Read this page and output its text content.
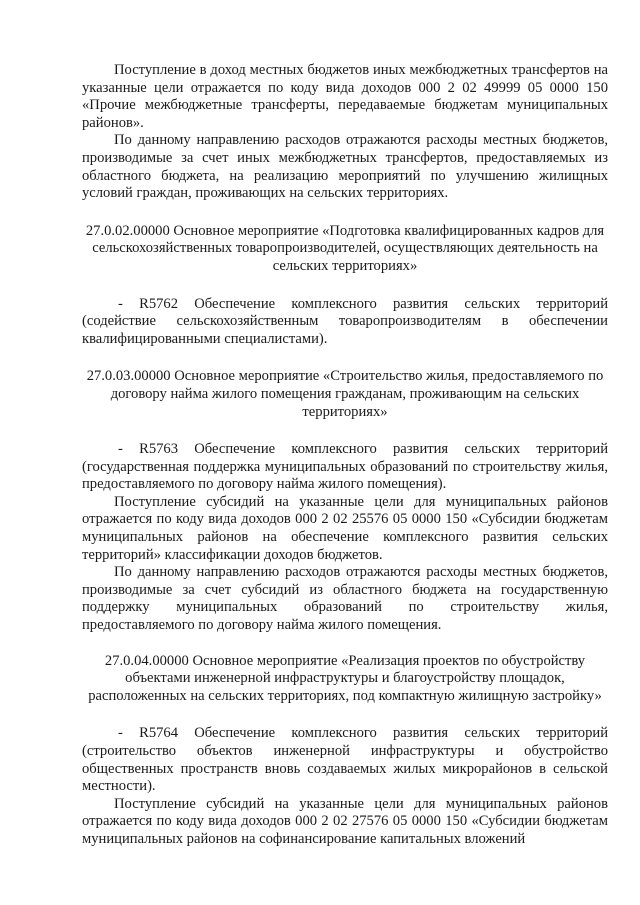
Поступление в доход местных бюджетов иных межбюджетных трансфертов на указанные цели отражается по коду вида доходов 000 2 02 49999 05 0000 150 «Прочие межбюджетные трансферты, передаваемые бюджетам муниципальных районов».

По данному направлению расходов отражаются расходы местных бюджетов, производимые за счет иных межбюджетных трансфертов, предоставляемых из областного бюджета, на реализацию мероприятий по улучшению жилищных условий граждан, проживающих на сельских территориях.

27.0.02.00000 Основное мероприятие «Подготовка квалифицированных кадров для сельскохозяйственных товаропроизводителей, осуществляющих деятельность на сельских территориях»

- R5762 Обеспечение комплексного развития сельских территорий (содействие сельскохозяйственным товаропроизводителям в обеспечении квалифицированными специалистами).

27.0.03.00000 Основное мероприятие «Строительство жилья, предоставляемого по договору найма жилого помещения гражданам, проживающим на сельских территориях»

- R5763 Обеспечение комплексного развития сельских территорий (государственная поддержка муниципальных образований по строительству жилья, предоставляемого по договору найма жилого помещения).

Поступление субсидий на указанные цели для муниципальных районов отражается по коду вида доходов 000 2 02 25576 05 0000 150 «Субсидии бюджетам муниципальных районов на обеспечение комплексного развития сельских территорий» классификации доходов бюджетов.

По данному направлению расходов отражаются расходы местных бюджетов, производимые за счет субсидий из областного бюджета на государственную поддержку муниципальных образований по строительству жилья, предоставляемого по договору найма жилого помещения.

27.0.04.00000 Основное мероприятие «Реализация проектов по обустройству объектами инженерной инфраструктуры и благоустройству площадок, расположенных на сельских территориях, под компактную жилищную застройку»

- R5764 Обеспечение комплексного развития сельских территорий (строительство объектов инженерной инфраструктуры и обустройство общественных пространств вновь создаваемых жилых микрорайонов в сельской местности).

Поступление субсидий на указанные цели для муниципальных районов отражается по коду вида доходов 000 2 02 27576 05 0000 150 «Субсидии бюджетам муниципальных районов на софинансирование капитальных вложений
